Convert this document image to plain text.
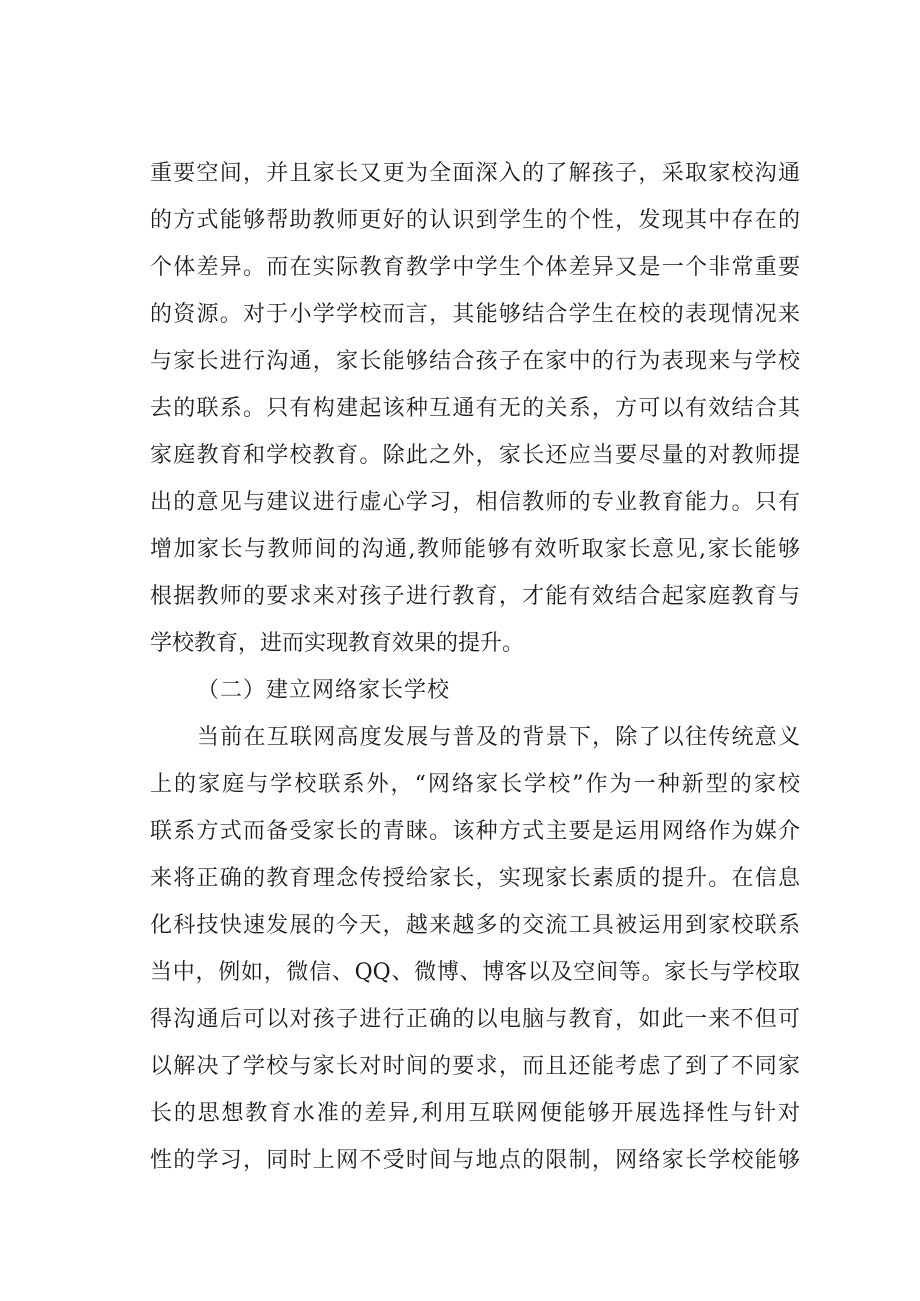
重要空间，并且家长又更为全面深入的了解孩子，采取家校沟通

的方式能够帮助教师更好的认识到学生的个性，发现其中存在的

个体差异。而在实际教育教学中学生个体差异又是一个非常重要

的资源。对于小学学校而言，其能够结合学生在校的表现情况来

与家长进行沟通，家长能够结合孩子在家中的行为表现来与学校

去的联系。只有构建起该种互通有无的关系，方可以有效结合其

家庭教育和学校教育。除此之外，家长还应当要尽量的对教师提

出的意见与建议进行虚心学习，相信教师的专业教育能力。只有

增加家长与教师间的沟通,教师能够有效听取家长意见,家长能够

根据教师的要求来对孩子进行教育，才能有效结合起家庭教育与

学校教育，进而实现教育效果的提升。

（二）建立网络家长学校

当前在互联网高度发展与普及的背景下，除了以往传统意义

上的家庭与学校联系外，“网络家长学校”作为一种新型的家校

联系方式而备受家长的青睐。该种方式主要是运用网络作为媒介

来将正确的教育理念传授给家长，实现家长素质的提升。在信息

化科技快速发展的今天，越来越多的交流工具被运用到家校联系

当中，例如，微信、QQ、微博、博客以及空间等。家长与学校取

得沟通后可以对孩子进行正确的以电脑与教育，如此一来不但可

以解决了学校与家长对时间的要求，而且还能考虑了到了不同家

长的思想教育水准的差异,利用互联网便能够开展选择性与针对

性的学习，同时上网不受时间与地点的限制，网络家长学校能够
